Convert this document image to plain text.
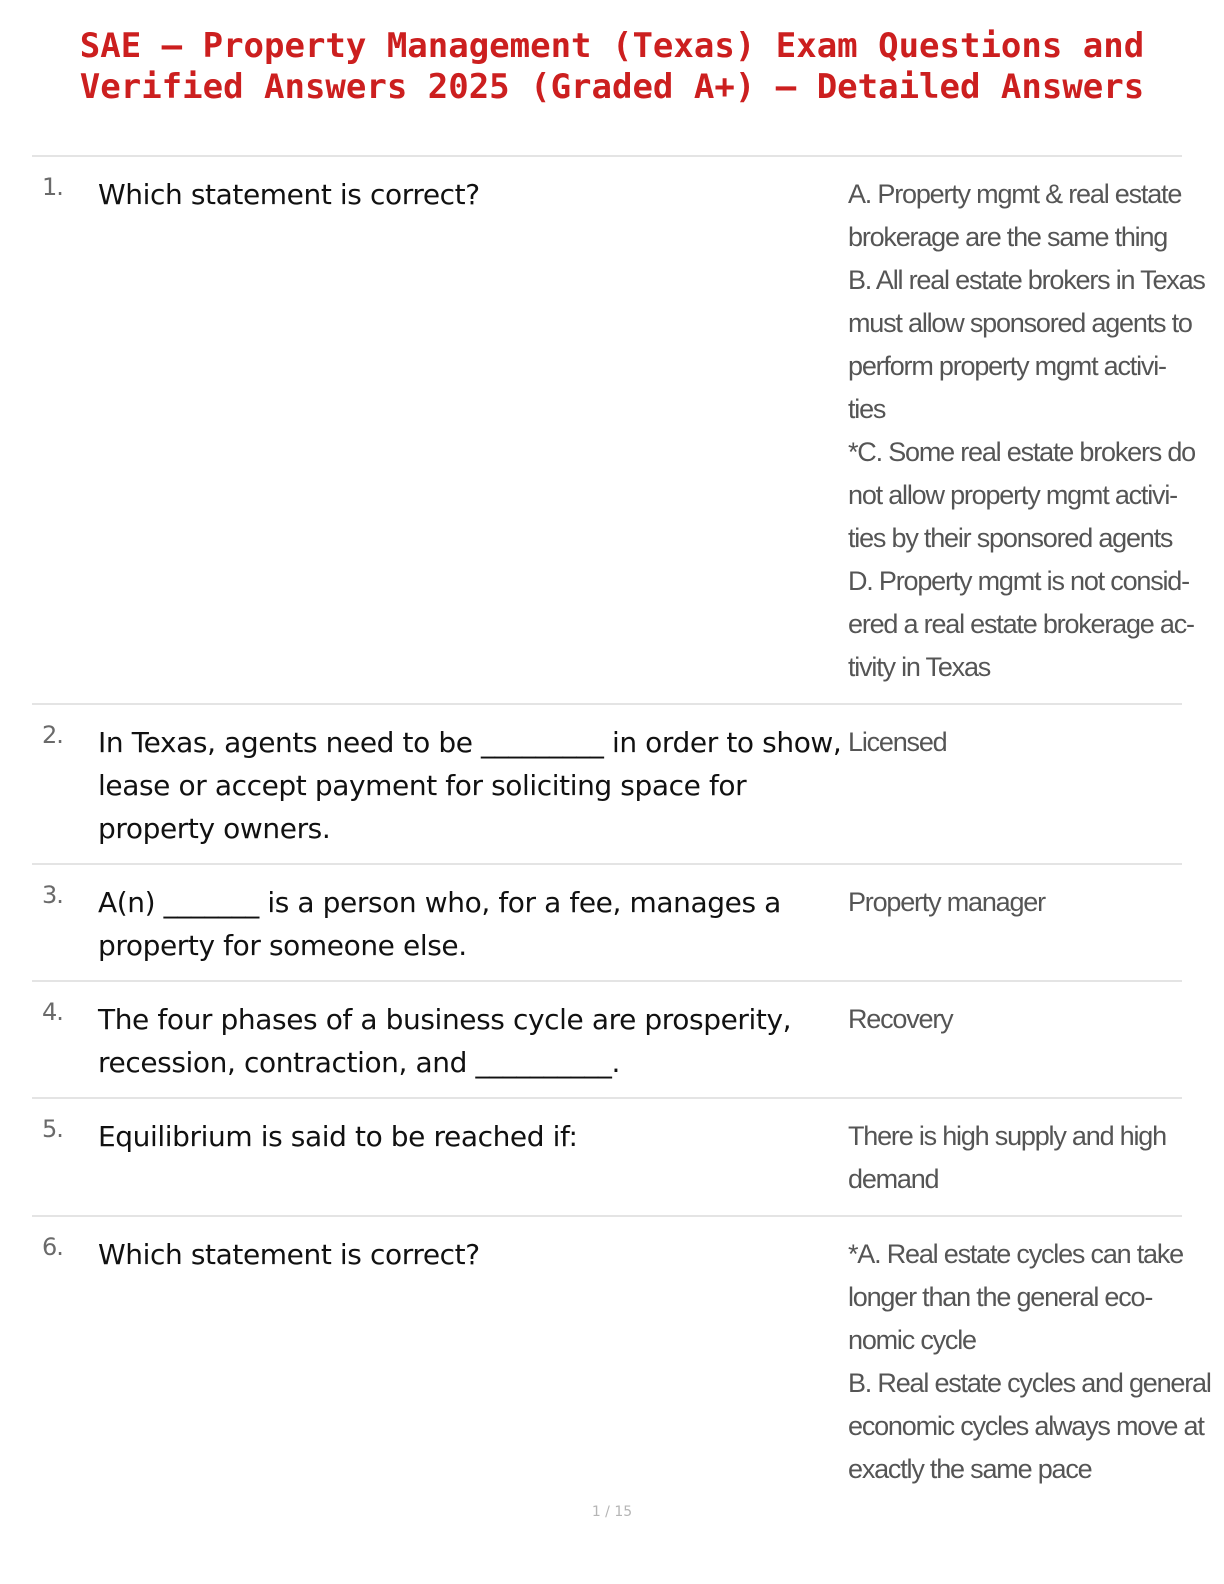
SAE – Property Management (Texas) Exam Questions and
Verified Answers 2025 (Graded A+) – Detailed Answers
1.	Which statement is correct?	A. Property mgmt & real estate
brokerage are the same thing
B. All real estate brokers in Texas
must allow sponsored agents to
perform property mgmt activi-
ties
*C. Some real estate brokers do
not allow property mgmt activi-
ties by their sponsored agents
D. Property mgmt is not consid-
ered a real estate brokerage ac-
tivity in Texas
2.	In Texas, agents need to be _________ in order to show, lease or accept payment for soliciting space for property owners.
Licensed
3.	A(n) _______ is a person who, for a fee, manages a property for someone else.
Property manager
4.	The four phases of a business cycle are prosperity, recession, contraction, and __________.
Recovery
5.	Equilibrium is said to be reached if:	There is high supply and high
demand
6.	Which statement is correct?	*A. Real estate cycles can take
longer than the general eco-
nomic cycle
B. Real estate cycles and general
economic cycles always move at
exactly the same pace
1 / 15
